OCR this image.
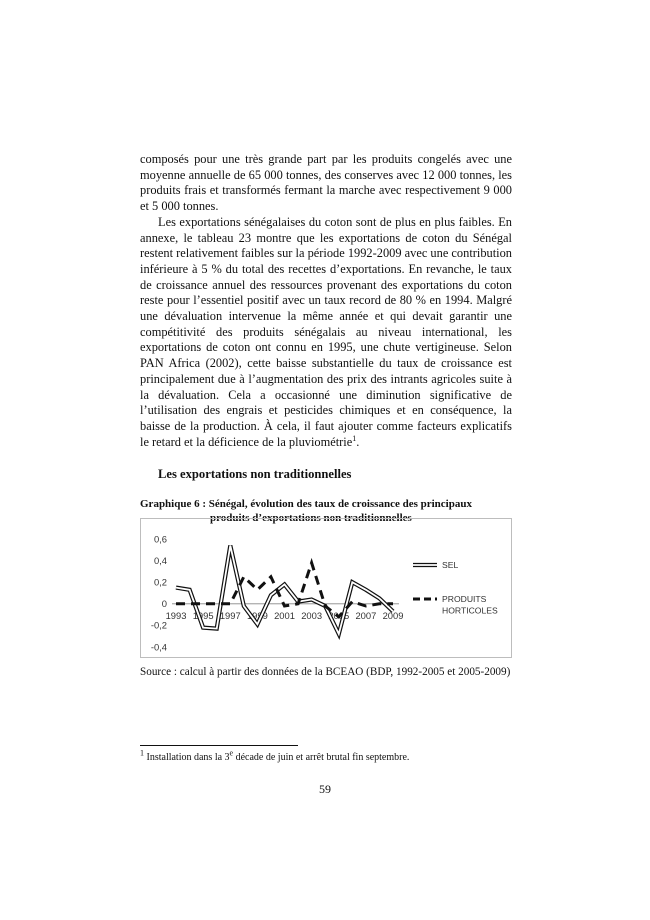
composés pour une très grande part par les produits congelés avec une moyenne annuelle de 65 000 tonnes, des conserves avec 12 000 tonnes, les produits frais et transformés fermant la marche avec respectivement 9 000 et 5 000 tonnes.

Les exportations sénégalaises du coton sont de plus en plus faibles. En annexe, le tableau 23 montre que les exportations de coton du Sénégal restent relativement faibles sur la période 1992-2009 avec une contribution inférieure à 5 % du total des recettes d’exportations. En revanche, le taux de croissance annuel des ressources provenant des exportations du coton reste pour l’essentiel positif avec un taux record de 80 % en 1994. Malgré une dévaluation intervenue la même année et qui devait garantir une compétitivité des produits sénégalais au niveau international, les exportations de coton ont connu en 1995, une chute vertigineuse. Selon PAN Africa (2002), cette baisse substantielle du taux de croissance est principalement due à l’augmentation des prix des intrants agricoles suite à la dévaluation. Cela a occasionné une diminution significative de l’utilisation des engrais et pesticides chimiques et en conséquence, la baisse de la production. À cela, il faut ajouter comme facteurs explicatifs le retard et la déficience de la pluviométrie$^1$.

Les exportations non traditionnelles
Graphique 6 : Sénégal, évolution des taux de croissance des principaux
produits d’exportations non traditionnelles
0,6
0,4
0,2
0
-0,2
-0,4
1993 1995 1997 1999 2001 2003 2005 2007 2009
SEL
PRODUITS
HORTICOLES
Source : calcul à partir des données de la BCEAO (BDP, 1992-2005 et 2005-2009)
$^1$ Installation dans la 3e décade de juin et arrêt brutal fin septembre.
59
